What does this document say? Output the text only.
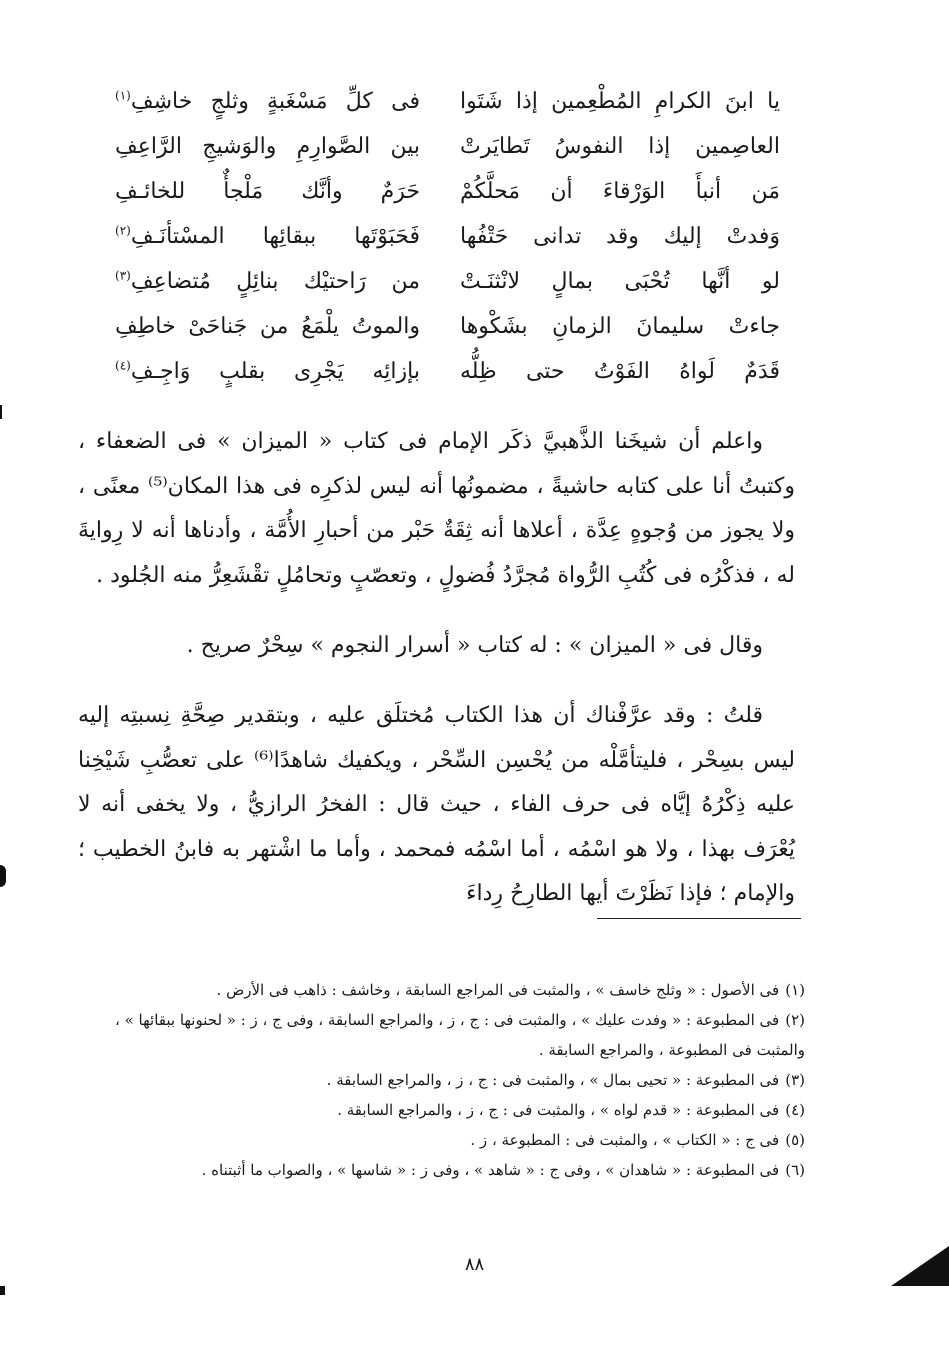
يا ابنَ الكرامِ المُطْعِمين إذا شَتَوا
فى كلِّ مَسْغَبةٍ وثلجٍ خاشِفِ$^{(١)}$
العاصِمين إذا النفوسُ تَطايَرتْ
بين الصَّوارِمِ والوَشيجِ الرَّاعِفِ
مَن أنبأَ الوَرْقاءَ أن مَحلَّكُمْ
حَرَمٌ وأنَّك مَلْجأٌ للخائـفِ
وَفدتْ إليك وقد تدانى حَتْفُها
فَحَبَوْتَها ببقائِها المسْتأنَـفِ$^{(٢)}$
لو أنَّها تُحْبَى بمالٍ لانْثنَـتْ
من رَاحتيْك بنائِلٍ مُتضاعِفِ$^{(٣)}$
جاءتْ سليمانَ الزمانِ بشَكْوها
والموتُ يلْمَعُ من جَناحَىْ خاطِفِ
قَدَمٌ لَواهُ الفَوْتُ حتى ظِلُّه
بإزائِه يَجْرِى بقلبٍ وَاجِـفِ$^{(٤)}$

واعلم أن شيخَنا الذَّهبيَّ ذكَر الإمام فى كتاب « الميزان » فى الضعفاء ، وكتبتُ أنا على كتابه حاشيةً ، مضمونُها أنه ليس لذكرِه فى هذا المكان⁽⁵⁾ معنًى ، ولا يجوز من وُجوهٍ عِدَّة ، أعلاها أنه ثِقَةٌ حَبْر من أحبارِ الأُمَّة ، وأدناها أنه لا رِوايةَ له ، فذكْرُه فى كُتُبِ الرُّواة مُجرَّدُ فُضولٍ ، وتعصّبٍ وتحامُلٍ تقْشَعِرُّ منه الجُلود .

وقال فى « الميزان » : له كتاب « أسرار النجوم » سِحْرٌ صريح .

قلتُ : وقد عرَّفْناك أن هذا الكتاب مُختلَق عليه ، وبتقدير صِحَّةِ نِسبتِه إليه ليس بسِحْر ، فليتأمَّلْه من يُحْسِن السِّحْر ، ويكفيك شاهدًا⁽⁶⁾ على تعصُّبِ شَيْخِنا عليه ذِكْرُهُ إيَّاه فى حرف الفاء ، حيث قال : الفخرُ الرازيُّ ، ولا يخفى أنه لا يُعْرَف بهذا ، ولا هو اسْمُه ، أما اسْمُه فمحمد ، وأما ما اشْتهر به فابنُ الخطيب ؛ والإمام ؛ فإذا نَظَرْتَ أيها الطارِحُ رِداءَ

(١)فى الأصول : « وثلج خاسف » ، والمثبت فى المراجع السابقة ، وخاشف : ذاهب فى الأرض .
(٢)فى المطبوعة : « وفدت عليك » ، والمثبت فى : ج ، ز ، والمراجع السابقة ، وفى ج ، ز : « لحنونها ببقائها » ، والمثبت فى المطبوعة ، والمراجع السابقة .
(٣)فى المطبوعة : « تحيى بمال » ، والمثبت فى : ج ، ز ، والمراجع السابقة .
(٤)فى المطبوعة : « قدم لواه » ، والمثبت فى : ج ، ز ، والمراجع السابقة .
(٥)فى ج : « الكتاب » ، والمثبت فى : المطبوعة ، ز .
(٦)فى المطبوعة : « شاهدان » ، وفى ج : « شاهد » ، وفى ز : « شاسها » ، والصواب ما أثبتناه .
٨٨
